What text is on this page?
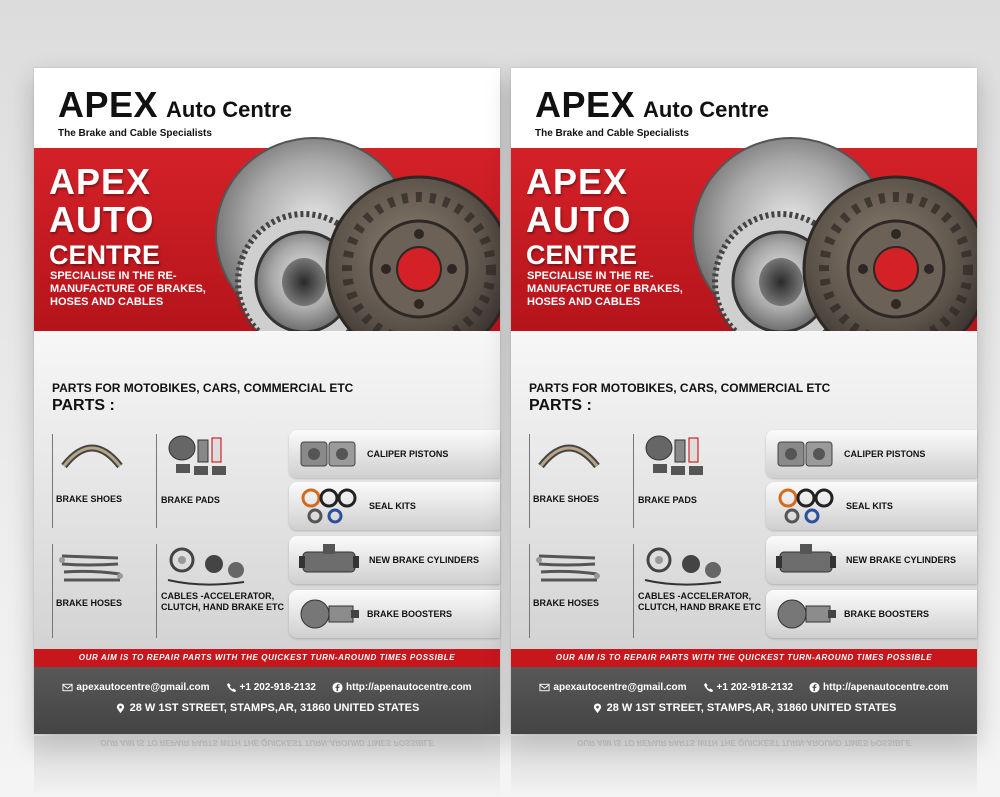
APEX Auto Centre
The Brake and Cable Specialists
APEX
AUTO
CENTRE
SPECIALISE IN THE RE-MANUFACTURE OF BRAKES, HOSES AND CABLES
PARTS FOR MOTOBIKES, CARS, COMMERCIAL ETC
PARTS :
BRAKE SHOES	BRAKE PADS
BRAKE HOSES
CABLES -ACCELERATOR, CLUTCH, HAND BRAKE ETC
CALIPER PISTONS
SEAL KITS
NEW BRAKE CYLINDERS
BRAKE BOOSTERS
OUR AIM IS TO REPAIR PARTS WITH THE QUICKEST TURN-AROUND TIMES POSSIBLE
apexautocentre@gmail.com	+1 202-918-2132	http://apenautocentre.com
28 W 1ST STREET, STAMPS,AR, 31860 UNITED STATES
OUR AIM IS TO REPAIR PARTS WITH THE QUICKEST TURN-AROUND TIMES POSSIBLE
APEX Auto Centre
The Brake and Cable Specialists
APEX
AUTO
CENTRE
SPECIALISE IN THE RE-MANUFACTURE OF BRAKES, HOSES AND CABLES
PARTS FOR MOTOBIKES, CARS, COMMERCIAL ETC
PARTS :
BRAKE SHOES	BRAKE PADS
BRAKE HOSES
CABLES -ACCELERATOR, CLUTCH, HAND BRAKE ETC
CALIPER PISTONS
SEAL KITS
NEW BRAKE CYLINDERS
BRAKE BOOSTERS
OUR AIM IS TO REPAIR PARTS WITH THE QUICKEST TURN-AROUND TIMES POSSIBLE
apexautocentre@gmail.com	+1 202-918-2132	http://apenautocentre.com
28 W 1ST STREET, STAMPS,AR, 31860 UNITED STATES
OUR AIM IS TO REPAIR PARTS WITH THE QUICKEST TURN-AROUND TIMES POSSIBLE
